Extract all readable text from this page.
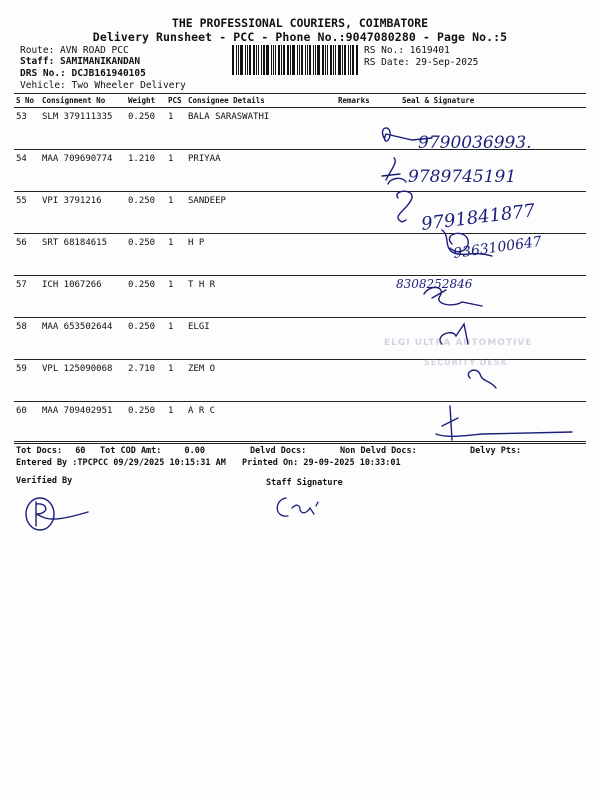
THE PROFESSIONAL COURIERS, COIMBATORE
Delivery Runsheet - PCC - Phone No.:9047080280 - Page No.:5
Route: AVN ROAD PCC
Staff: SAMIMANIKANDAN
DRS No.: DCJB161940105
Vehicle: Two Wheeler Delivery
RS No.: 1619401
RS Date: 29-Sep-2025
S No	Consignment No	Weight	PCS	Consignee Details	Remarks	Seal & Signature
53	SLM 379111335	0.250	1	BALA SARASWATHI		
54	MAA 709690774	1.210	1	PRIYAA		
55	VPI 3791216	0.250	1	SANDEEP		
56	SRT 68184615	0.250	1	H P		
57	ICH 1067266	0.250	1	T H R		
58	MAA 653502644	0.250	1	ELGI		
59	VPL 125090068	2.710	1	ZEM O		
60	MAA 709402951	0.250	1	A R C		
9790036993.
9789745191
9791841877
9363100647
8308252846
ELGI ULTRA AUTOMOTIVE
SECURITY DESK
Tot Docs: 60 Tot COD Amt:	0.00	Delvd Docs:	Non Delvd Docs:	Delvy Pts:
Entered By :TPCPCC 09/29/2025 10:15:31 AM Printed On: 29-09-2025 10:33:01
Verified By	Staff Signature
